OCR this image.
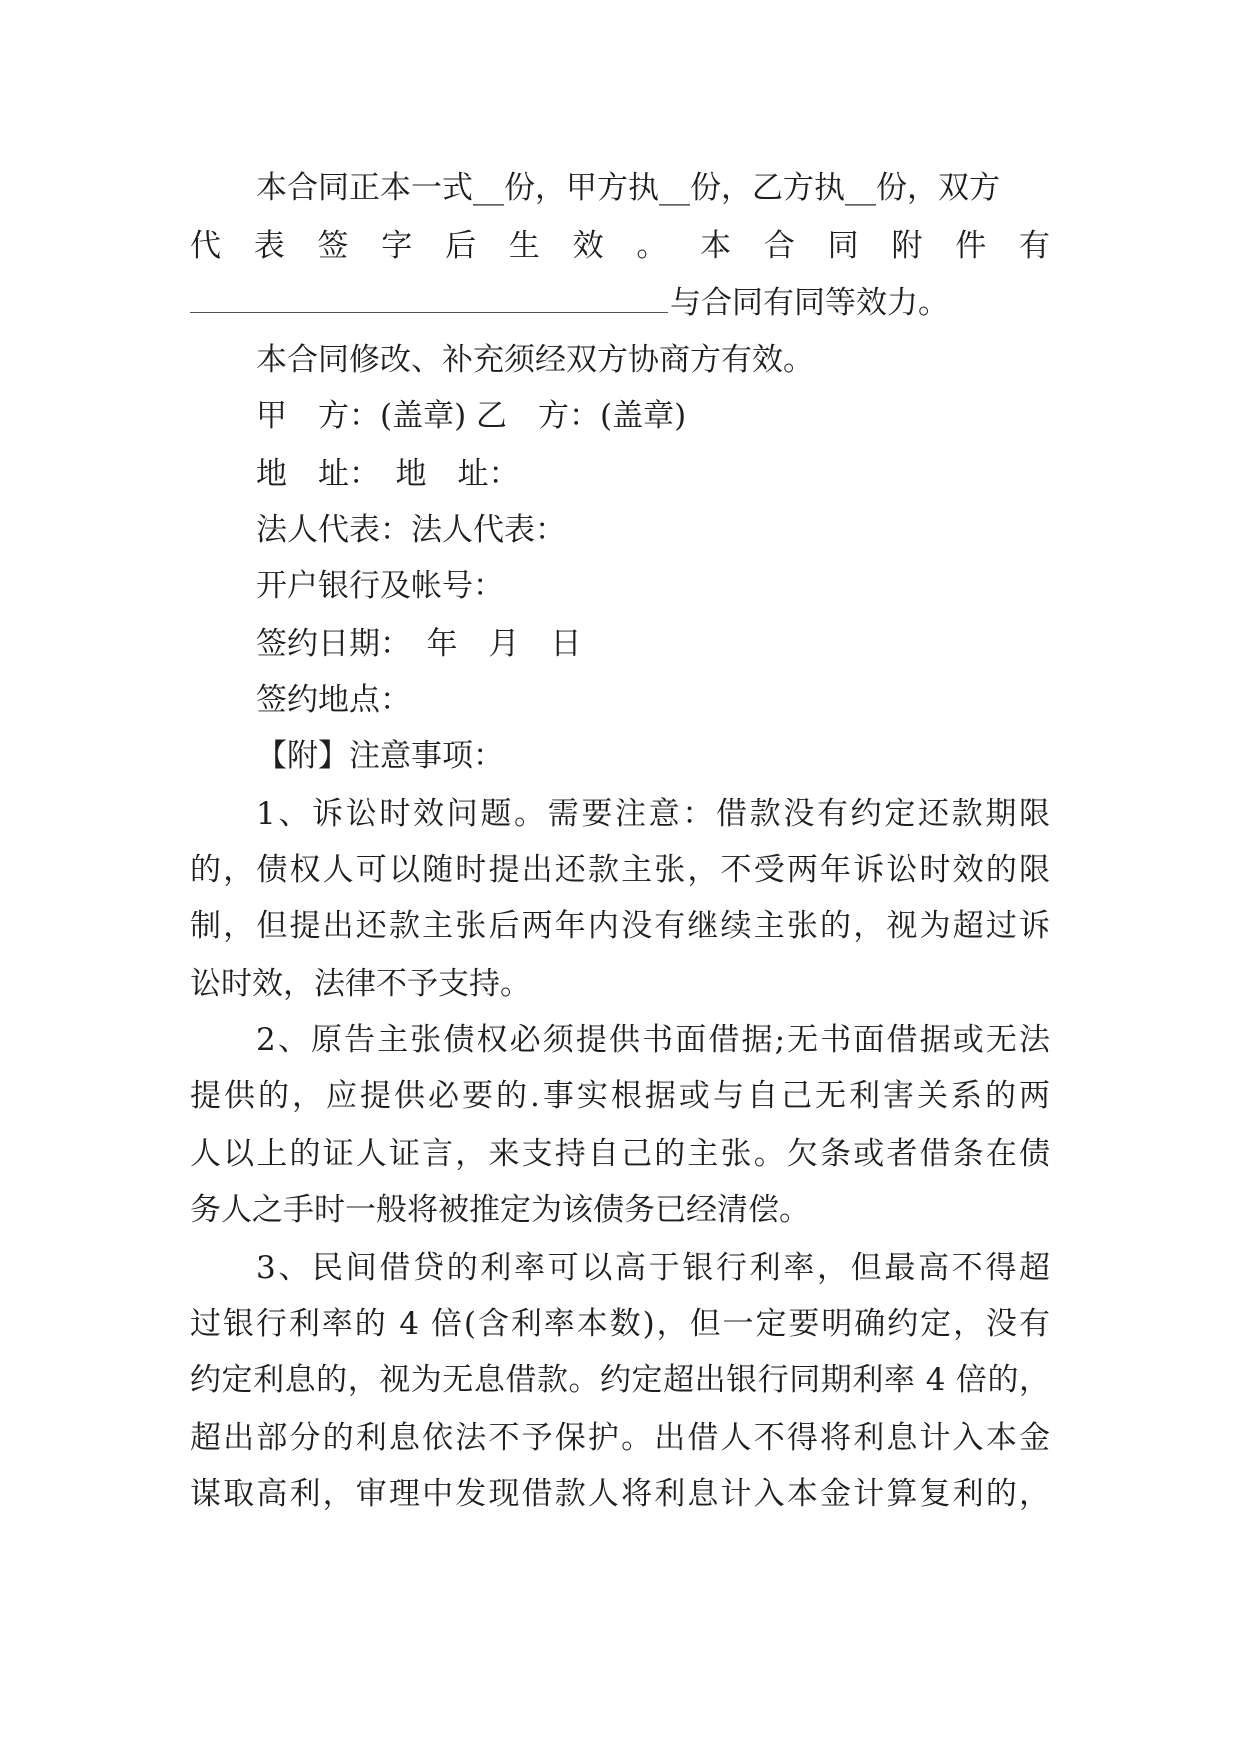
本合同正本一式__份，甲方执__份，乙方执__份，双方
代 表 签 字 后 生 效 。 本 合 同 附 件 有
与合同有同等效力。
本合同修改、补充须经双方协商方有效。
甲　方：(盖章) 乙　方：(盖章)
地　址：　地　址：
法人代表：法人代表：
开户银行及帐号：
签约日期：　年　月　日
签约地点：
【附】注意事项：
1、诉讼时效问题。需要注意：借款没有约定还款期限
的，债权人可以随时提出还款主张，不受两年诉讼时效的限
制，但提出还款主张后两年内没有继续主张的，视为超过诉
讼时效，法律不予支持。
2、原告主张债权必须提供书面借据;无书面借据或无法
提供的，应提供必要的.事实根据或与自己无利害关系的两
人以上的证人证言，来支持自己的主张。欠条或者借条在债
务人之手时一般将被推定为该债务已经清偿。
3、民间借贷的利率可以高于银行利率，但最高不得超
过银行利率的 4 倍(含利率本数)，但一定要明确约定，没有
约定利息的，视为无息借款。约定超出银行同期利率 4 倍的，
超出部分的利息依法不予保护。出借人不得将利息计入本金
谋取高利，审理中发现借款人将利息计入本金计算复利的，
